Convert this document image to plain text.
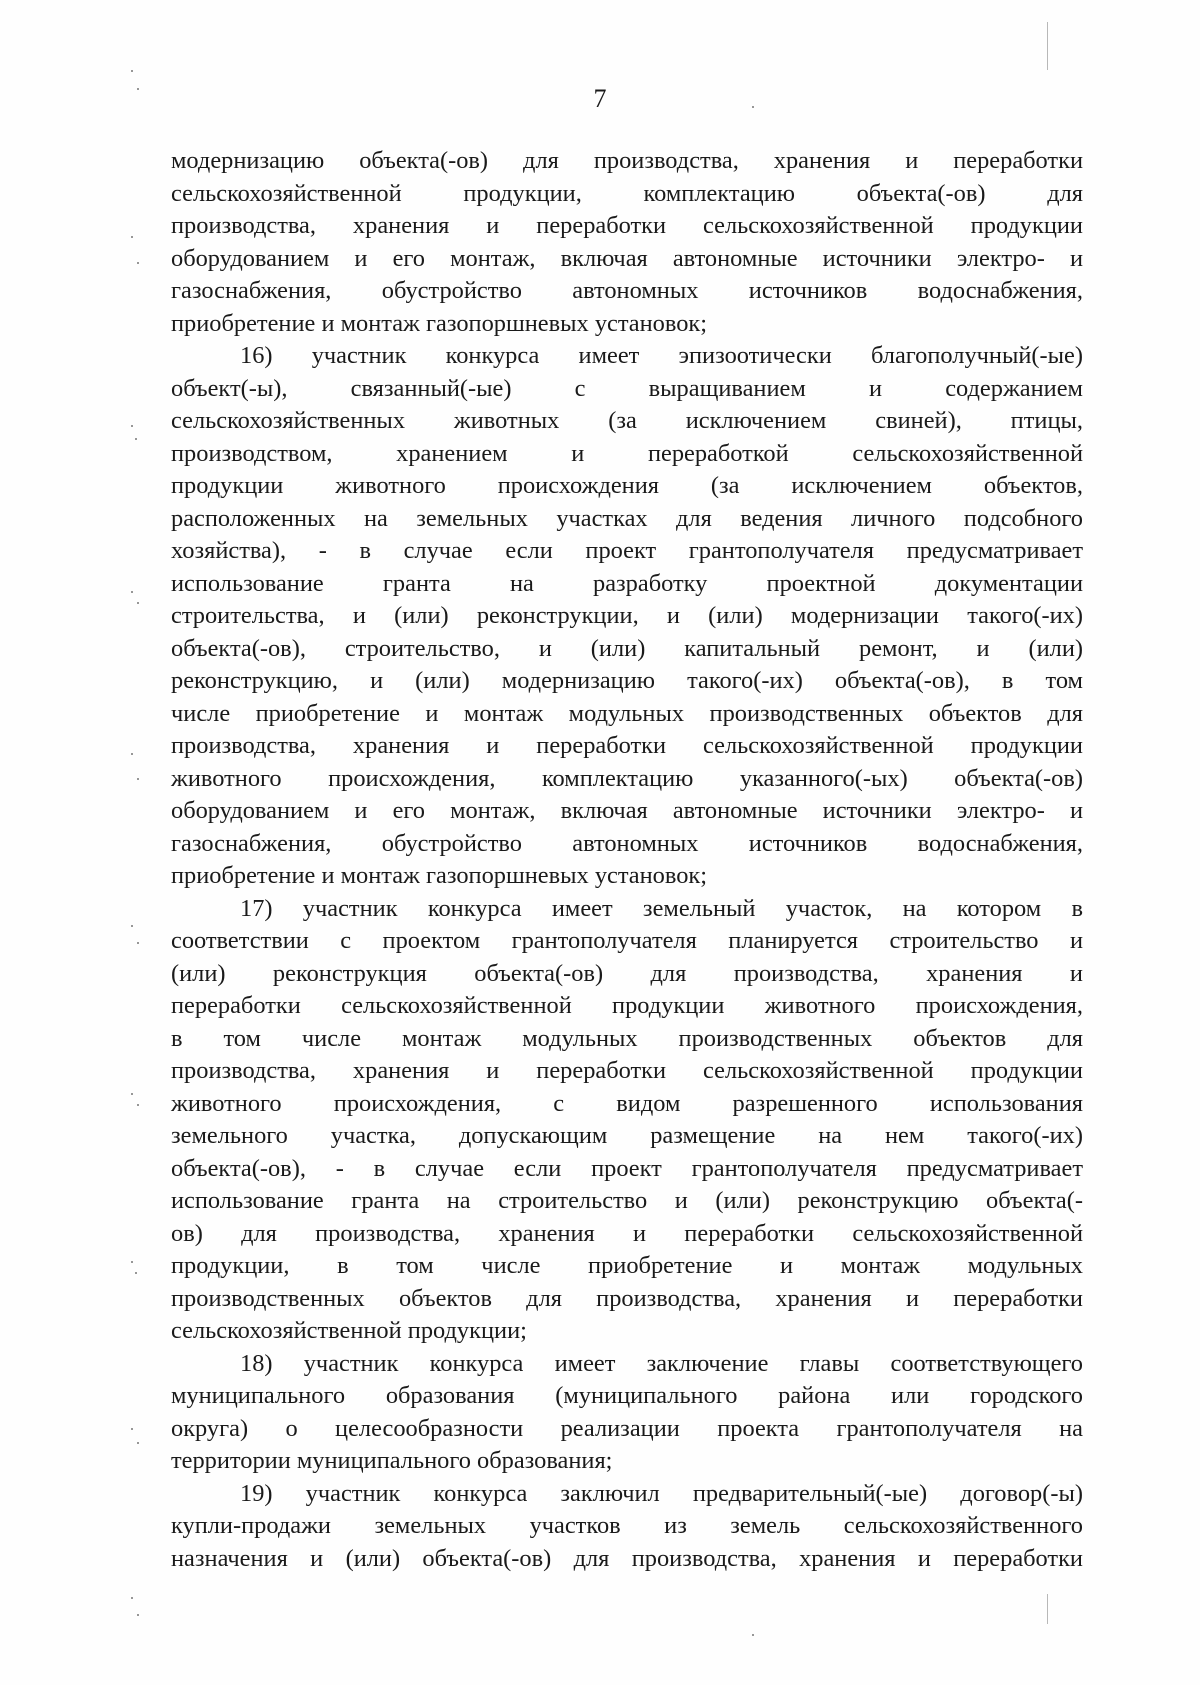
7

модернизацию объекта(-ов) для производства, хранения и переработки

сельскохозяйственной продукции, комплектацию объекта(-ов) для

производства, хранения и переработки сельскохозяйственной продукции

оборудованием и его монтаж, включая автономные источники электро- и

газоснабжения, обустройство автономных источников водоснабжения,

приобретение и монтаж газопоршневых установок;

16) участник конкурса имеет эпизоотически благополучный(-ые)

объект(-ы), связанный(-ые) с выращиванием и содержанием

сельскохозяйственных животных (за исключением свиней), птицы,

производством, хранением и переработкой сельскохозяйственной

продукции животного происхождения (за исключением объектов,

расположенных на земельных участках для ведения личного подсобного

хозяйства), - в случае если проект грантополучателя предусматривает

использование гранта на разработку проектной документации

строительства, и (или) реконструкции, и (или) модернизации такого(-их)

объекта(-ов), строительство, и (или) капитальный ремонт, и (или)

реконструкцию, и (или) модернизацию такого(-их) объекта(-ов), в том

числе приобретение и монтаж модульных производственных объектов для

производства, хранения и переработки сельскохозяйственной продукции

животного происхождения, комплектацию указанного(-ых) объекта(-ов)

оборудованием и его монтаж, включая автономные источники электро- и

газоснабжения, обустройство автономных источников водоснабжения,

приобретение и монтаж газопоршневых установок;

17) участник конкурса имеет земельный участок, на котором в

соответствии с проектом грантополучателя планируется строительство и

(или) реконструкция объекта(-ов) для производства, хранения и

переработки сельскохозяйственной продукции животного происхождения,

в том числе монтаж модульных производственных объектов для

производства, хранения и переработки сельскохозяйственной продукции

животного происхождения, с видом разрешенного использования

земельного участка, допускающим размещение на нем такого(-их)

объекта(-ов), - в случае если проект грантополучателя предусматривает

использование гранта на строительство и (или) реконструкцию объекта(-

ов) для производства, хранения и переработки сельскохозяйственной

продукции, в том числе приобретение и монтаж модульных

производственных объектов для производства, хранения и переработки

сельскохозяйственной продукции;

18) участник конкурса имеет заключение главы соответствующего

муниципального образования (муниципального района или городского

округа) о целесообразности реализации проекта грантополучателя на

территории муниципального образования;

19) участник конкурса заключил предварительный(-ые) договор(-ы)

купли-продажи земельных участков из земель сельскохозяйственного

назначения и (или) объекта(-ов) для производства, хранения и переработки
